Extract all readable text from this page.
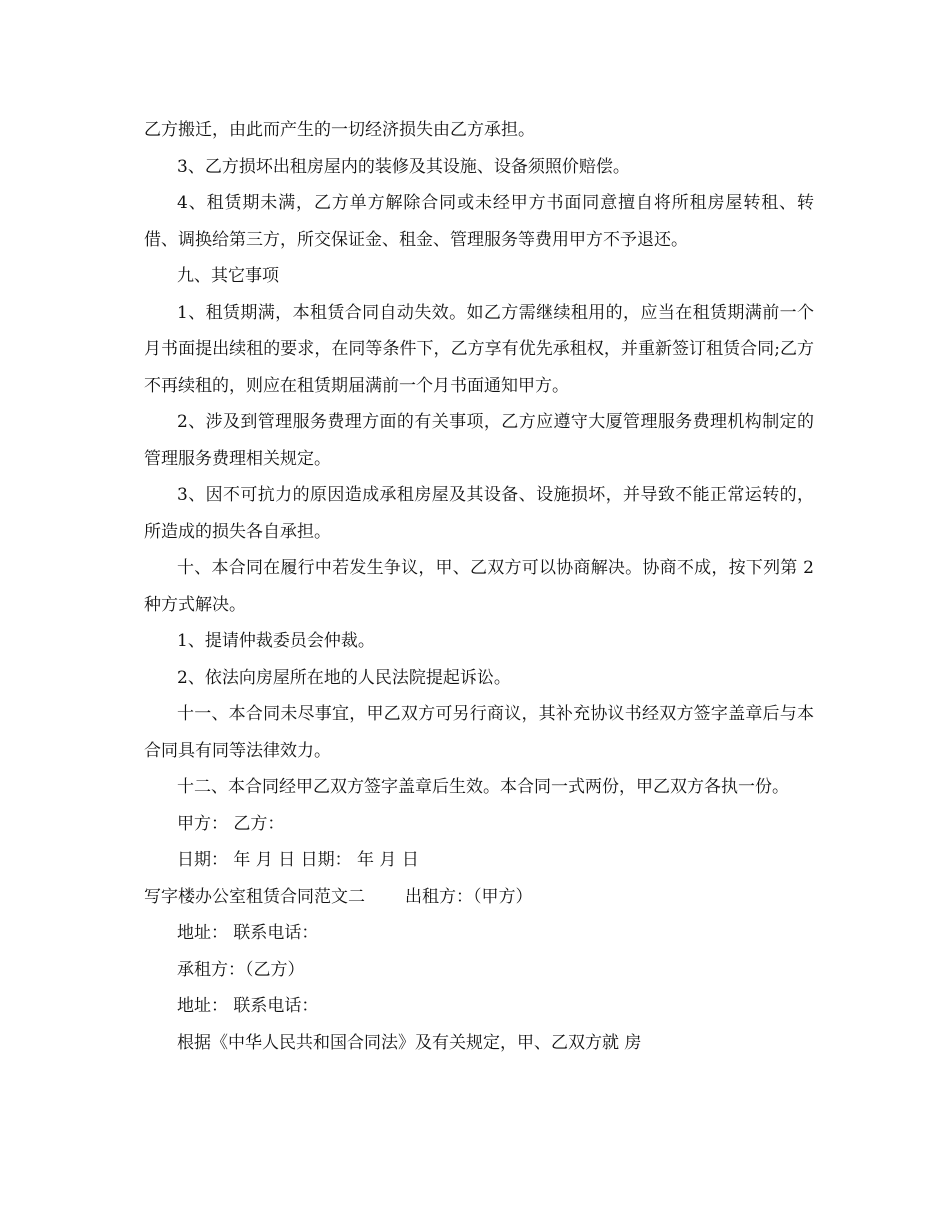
乙方搬迁，由此而产生的一切经济损失由乙方承担。

3、乙方损坏出租房屋内的装修及其设施、设备须照价赔偿。

4、租赁期未满，乙方单方解除合同或未经甲方书面同意擅自将所租房屋转租、转借、调换给第三方，所交保证金、租金、管理服务等费用甲方不予退还。

九、其它事项

1、租赁期满，本租赁合同自动失效。如乙方需继续租用的，应当在租赁期满前一个月书面提出续租的要求，在同等条件下，乙方享有优先承租权，并重新签订租赁合同;乙方不再续租的，则应在租赁期届满前一个月书面通知甲方。

2、涉及到管理服务费理方面的有关事项，乙方应遵守大厦管理服务费理机构制定的管理服务费理相关规定。

3、因不可抗力的原因造成承租房屋及其设备、设施损坏，并导致不能正常运转的，所造成的损失各自承担。

十、本合同在履行中若发生争议，甲、乙双方可以协商解决。协商不成，按下列第 2 种方式解决。

1、提请仲裁委员会仲裁。

2、依法向房屋所在地的人民法院提起诉讼。

十一、本合同未尽事宜，甲乙双方可另行商议，其补充协议书经双方签字盖章后与本合同具有同等法律效力。

十二、本合同经甲乙双方签字盖章后生效。本合同一式两份，甲乙双方各执一份。

甲方： 乙方：

日期： 年 月 日 日期： 年 月 日

写字楼办公室租赁合同范文二 出租方：（甲方）

地址： 联系电话：

承租方：（乙方）

地址： 联系电话：

根据《中华人民共和国合同法》及有关规定，甲、乙双方就 房
